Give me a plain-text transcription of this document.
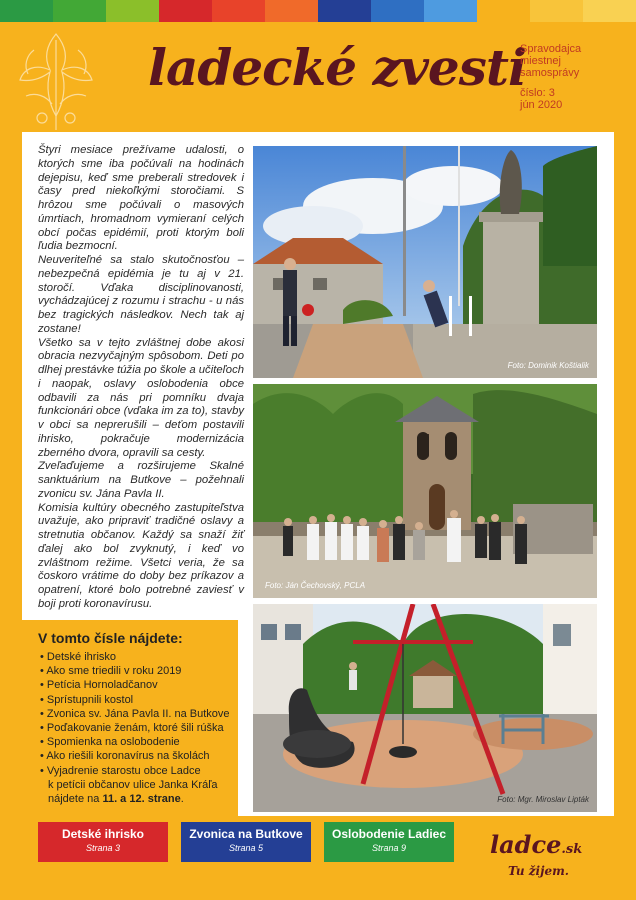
ladecké zvesti
Spravodajca
miestnej
samosprávy
číslo: 3
jún 2020

Štyri mesiace prežívame udalosti, o ktorých sme iba počúvali na hodinách dejepisu, keď sme preberali stredovek i časy pred niekoľkými storočiami. S hrôzou sme počúvali o masových úmrtiach, hromadnom vymieraní celých obcí počas epidémií, proti ktorým boli ľudia bezmocní.

Neuveriteľné sa stalo skutočnosťou – nebezpečná epidémia je tu aj v 21. storočí. Vďaka disciplinovanosti, vychádzajúcej z rozumu i strachu - u nás bez tragických následkov. Nech tak aj zostane!

Všetko sa v tejto zvláštnej dobe akosi obracia nezvyčajným spôsobom. Deti po dlhej prestávke túžia po škole a učiteľoch i naopak, oslavy oslobodenia obce odbavili za nás pri pomníku dvaja funkcionári obce (vďaka im za to), stavby v obci sa neprerušili – deťom postavili ihrisko, pokračuje modernizácia zberného dvora, opravili sa cesty.

Zveľaďujeme a rozširujeme Skalné sanktuárium na Butkove – požehnali zvonicu sv. Jána Pavla II.

Komisia kultúry obecného zastupiteľstva uvažuje, ako pripraviť tradičné oslavy a stretnutia občanov. Každý sa snaží žiť ďalej ako bol zvyknutý, i keď vo zvláštnom režime. Všetci veria, že sa čoskoro vrátime do doby bez príkazov a opatrení, ktoré bolo potrebné zaviesť v boji proti koronavírusu.

Foto: Dominik Koštialik
Foto: Ján Čechovský, PCLA
Foto: Mgr. Miroslav Lipták
V tomto čísle nájdete:
• Detské ihrisko
• Ako sme triedili v roku 2019
• Petícia Hornoladčanov
• Sprístupnili kostol
• Zvonica sv. Jána Pavla II. na Butkove
• Poďakovanie ženám, ktoré šili rúška
• Spomienka na oslobodenie
• Ako riešili koronavírus na školách
• Vyjadrenie starostu obce Ladce
k petícii občanov ulice Janka Kráľa
nájdete na 11. a 12. strane.
Detské ihrisko
Strana 3
Zvonica na Butkove
Strana 5
Oslobodenie Ladiec
Strana 9	ladce.sk
Tu žijem.
